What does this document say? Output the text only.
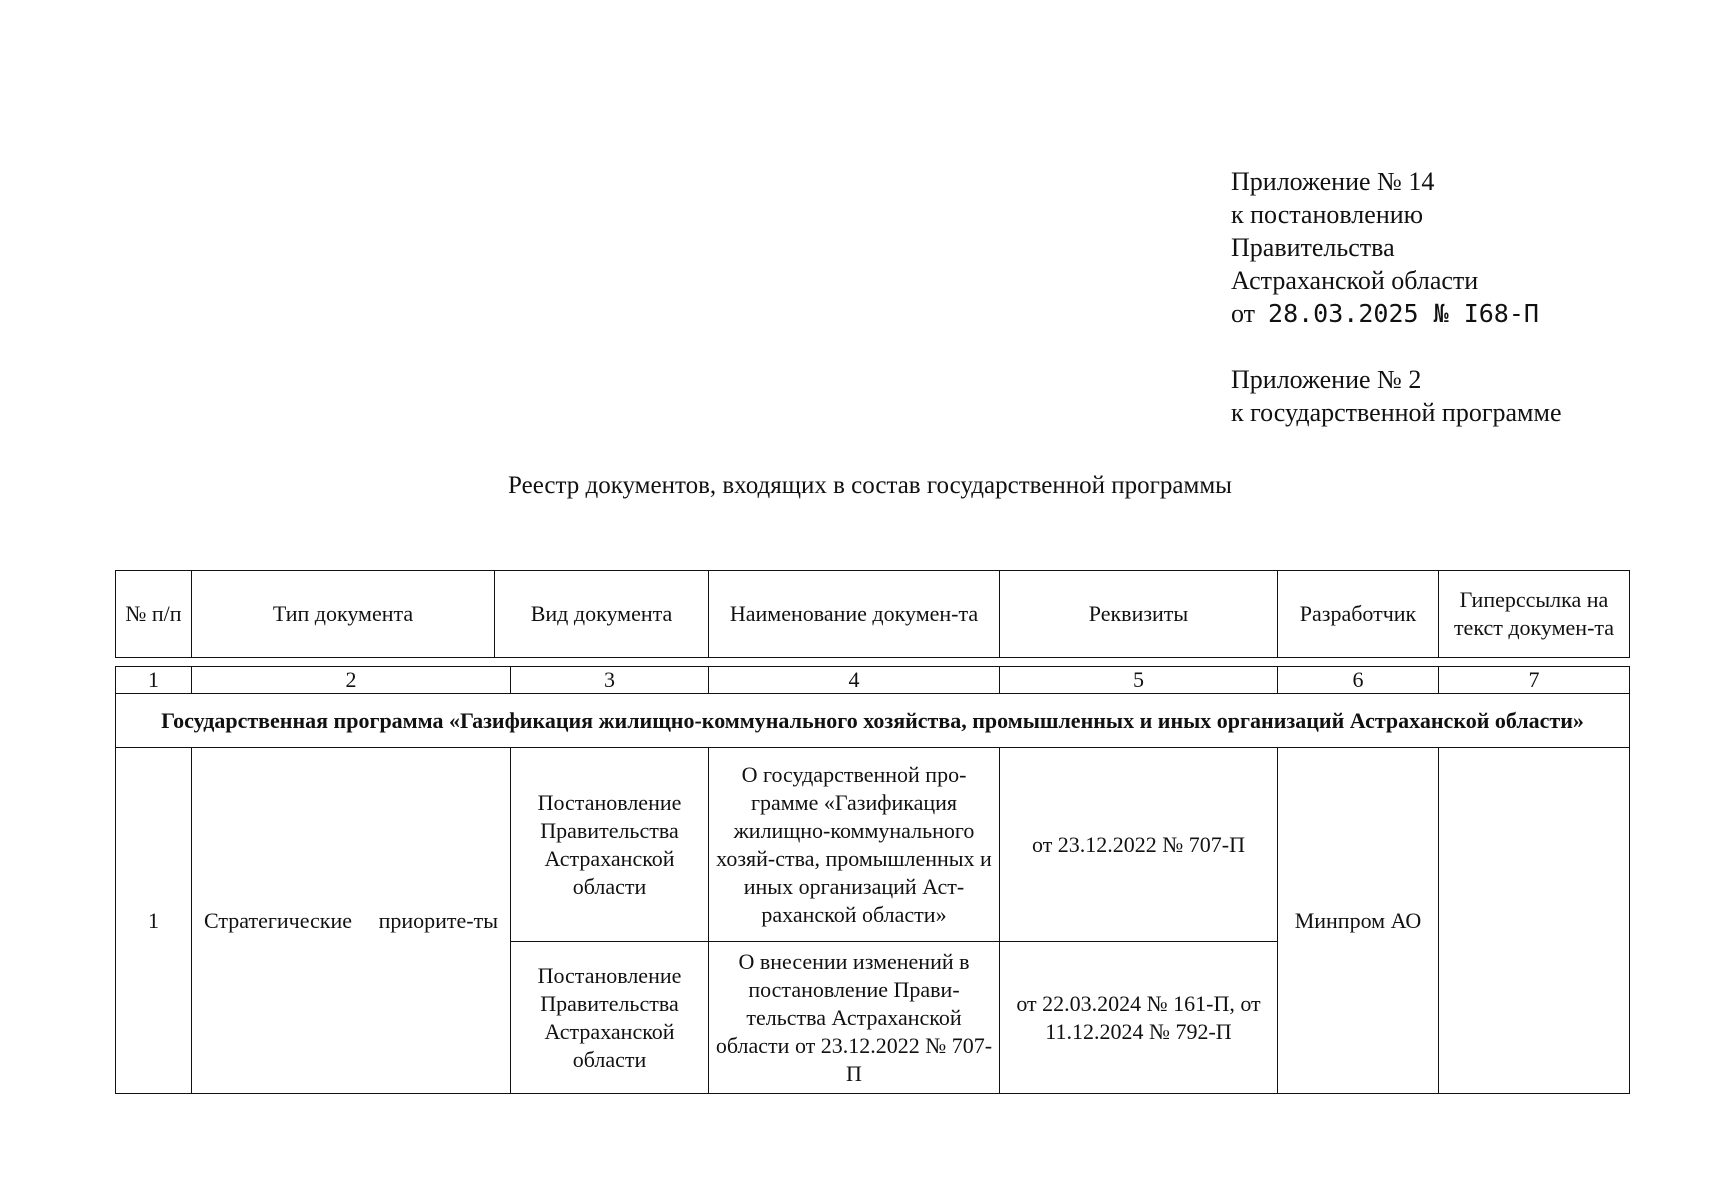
Приложение № 14
к постановлению
Правительства
Астраханской области
от 28.03.2025 № I68-П
Приложение № 2
к государственной программе
Реестр документов, входящих в состав государственной программы
№ п/п	Тип документа	Вид документа	Наименование докумен-та	Реквизиты	Разработчик	Гиперссылка на текст докумен-та
1	2	3	4	5	6	7
Государственная программа «Газификация жилищно-коммунального хозяйства, промышленных и иных организаций Астраханской области»						
1	Стратегические приорите-ты	Постановление Правительства Астраханской области	О государственной про-грамме «Газификация жилищно-коммунального хозяй-ства, промышленных и иных организаций Аст-раханской области»	от 23.12.2022 № 707-П	Минпром АО	
		Постановление Правительства Астраханской области	О внесении изменений в постановление Прави-тельства Астраханской области от 23.12.2022 № 707-П	от 22.03.2024 № 161-П, от 11.12.2024 № 792-П		
